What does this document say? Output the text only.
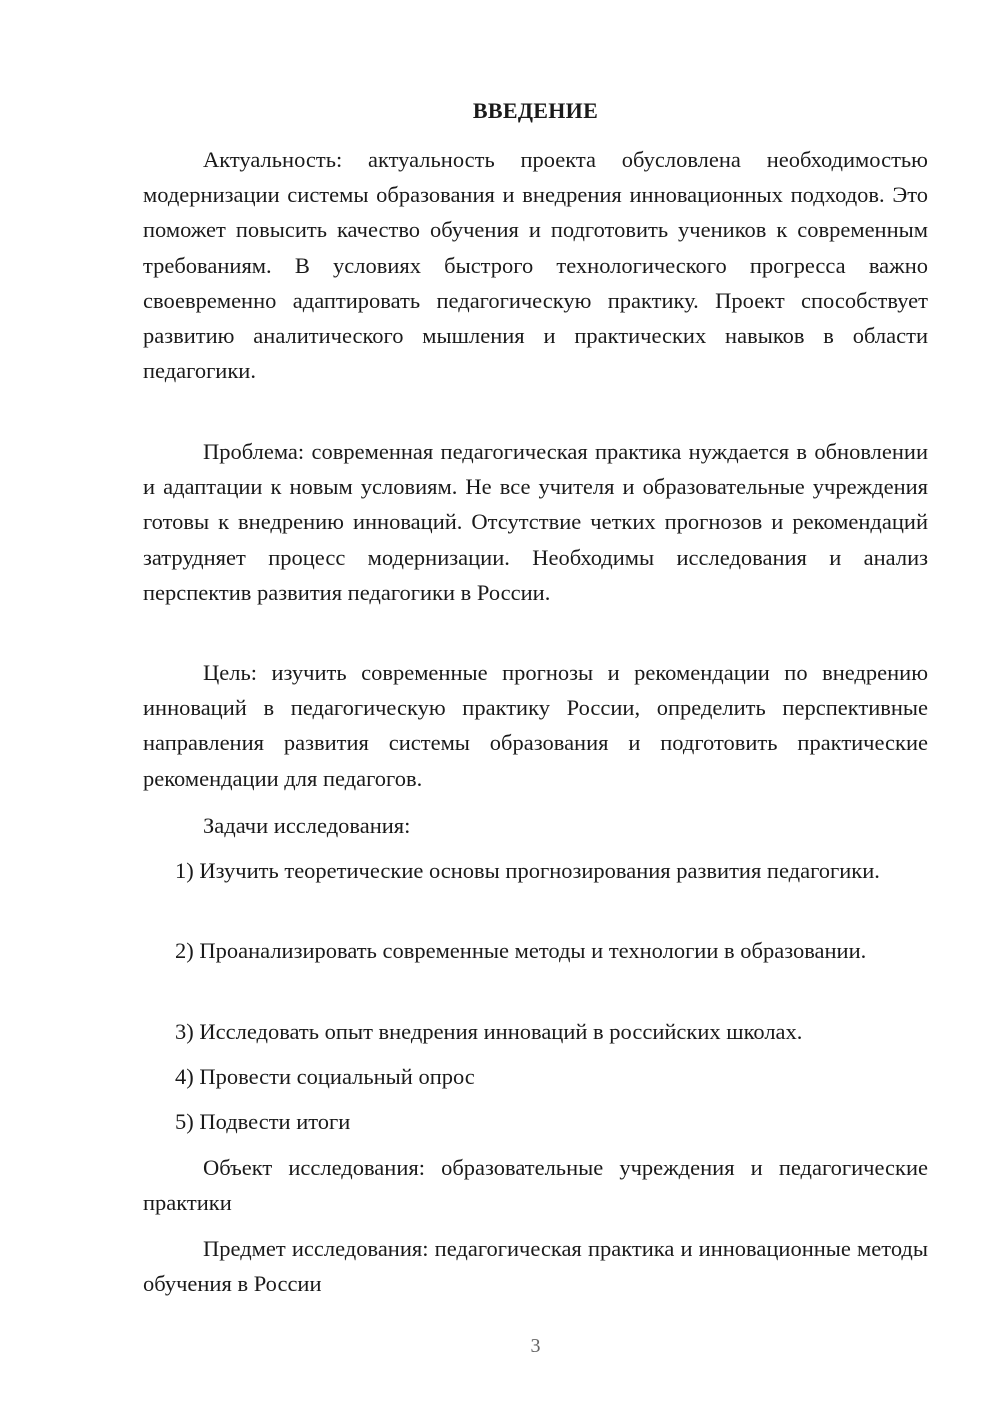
ВВЕДЕНИЕ

Актуальность: актуальность проекта обусловлена необходимостью модернизации системы образования и внедрения инновационных подходов. Это поможет повысить качество обучения и подготовить учеников к современным требованиям. В условиях быстрого технологического прогресса важно своевременно адаптировать педагогическую практику. Проект способствует развитию аналитического мышления и практических навыков в области педагогики.

Проблема: современная педагогическая практика нуждается в обновлении и адаптации к новым условиям. Не все учителя и образовательные учреждения готовы к внедрению инноваций. Отсутствие четких прогнозов и рекомендаций затрудняет процесс модернизации. Необходимы исследования и анализ перспектив развития педагогики в России.

Цель: изучить современные прогнозы и рекомендации по внедрению инноваций в педагогическую практику России, определить перспективные направления развития системы образования и подготовить практические рекомендации для педагогов.

Задачи исследования:

1) Изучить теоретические основы прогнозирования развития педагогики.

2) Проанализировать современные методы и технологии в образовании.

3) Исследовать опыт внедрения инноваций в российских школах.

4) Провести социальный опрос

5) Подвести итоги

Объект исследования: образовательные учреждения и педагогические практики

Предмет исследования: педагогическая практика и инновационные методы обучения в России

3
